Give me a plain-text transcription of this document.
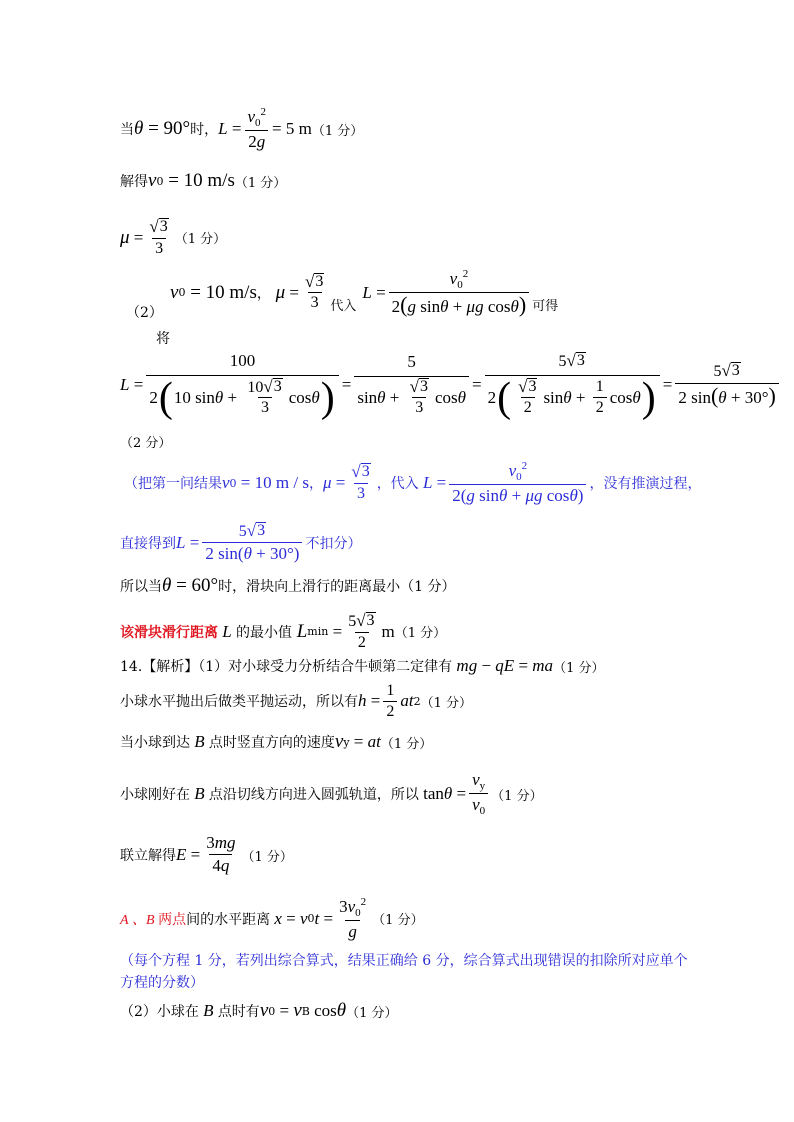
当 θ = 90° 时， $L = \frac{v_0^2}{2g} = 5$ m （1 分）
解得 v 0 = 10 m/s （1 分）
$\mu = \frac{√ 3}{3} (1$ 分）
（2）
v 0 = 10 m/s ， $\mu = \frac{√ 3}{3}$ 代入
$L = \frac{v_0^2}{\text{2(g sinθ + μg cosθ)}}$ 可得
将
$L = \frac{100}{2 ( 10 \sin \theta + \frac{10 √ 3}{3} \cos \theta )} = \frac{5}{\sin \theta + \frac{√ 3}{3} \cos \theta} = \frac{5 √ 3}{2 ( \frac{√ 3}{2} \sin \theta + \frac{1}{2} \cos \theta )} = \frac{5 √ 3}{2 \sin(\theta + 30^\circ)}$
（2 分）
（把第一问结果 v 0 = 10 m / s ， $\mu = \frac{√ 3}{3}$ ，代入 $L = \frac{v_0^2}{\text{2(g sinθ + μg cosθ)}}$ ，没有推演过程，
直接得到 $L = \frac{5 √ 3}{2 \sin(\theta + 30^\circ)}$ 不扣分）
所以当 θ = 60° 时，滑块向上滑行的距离最小（1 分）
该滑块滑行距离 L 的最小值 L $\min = \frac{5 √ 3}{2}$ m （1 分）
14.【解析】（1）对小球受力分析结合牛顿第二定律有 mg − qE = ma （1 分）
小球水平抛出后做类平抛运动，所以有 $h = \frac{1}{2}$ at 2 （1 分）
当小球到达 B 点时竖直方向的速度 v y = at （1 分）
小球刚好在 B 点沿切线方向进入圆弧轨道，所以 $\tan \theta = \frac{v_y}{v_0} (1$ 分）
联立解得 $E = \frac{3mg}{4q} (1$ 分）
A 、B 两点 间的水平距离 x = v 0 $t = \frac{3v_0^2}{g} (1$ 分）
（每个方程 1 分，若列出综合算式，结果正确给 6 分，综合算式出现错误的扣除所对应单个
方程的分数）
（2）小球在 B 点时有 v 0 = v B cos θ （1 分）
